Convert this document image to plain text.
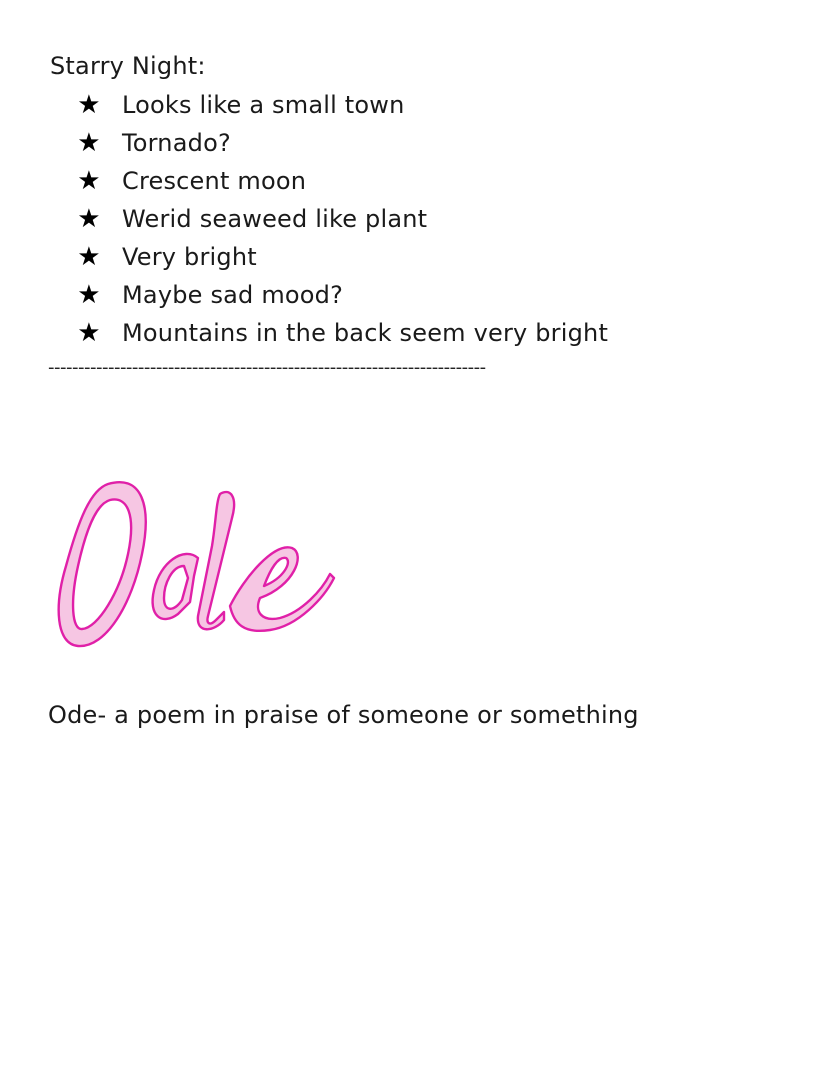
Starry Night:
★ Looks like a small town
★ Tornado?
★ Crescent moon
★ Werid seaweed like plant
★ Very bright
★ Maybe sad mood?
★ Mountains in the back seem very bright
-------------------------------------------------------------------------
Ode- a poem in praise of someone or something
